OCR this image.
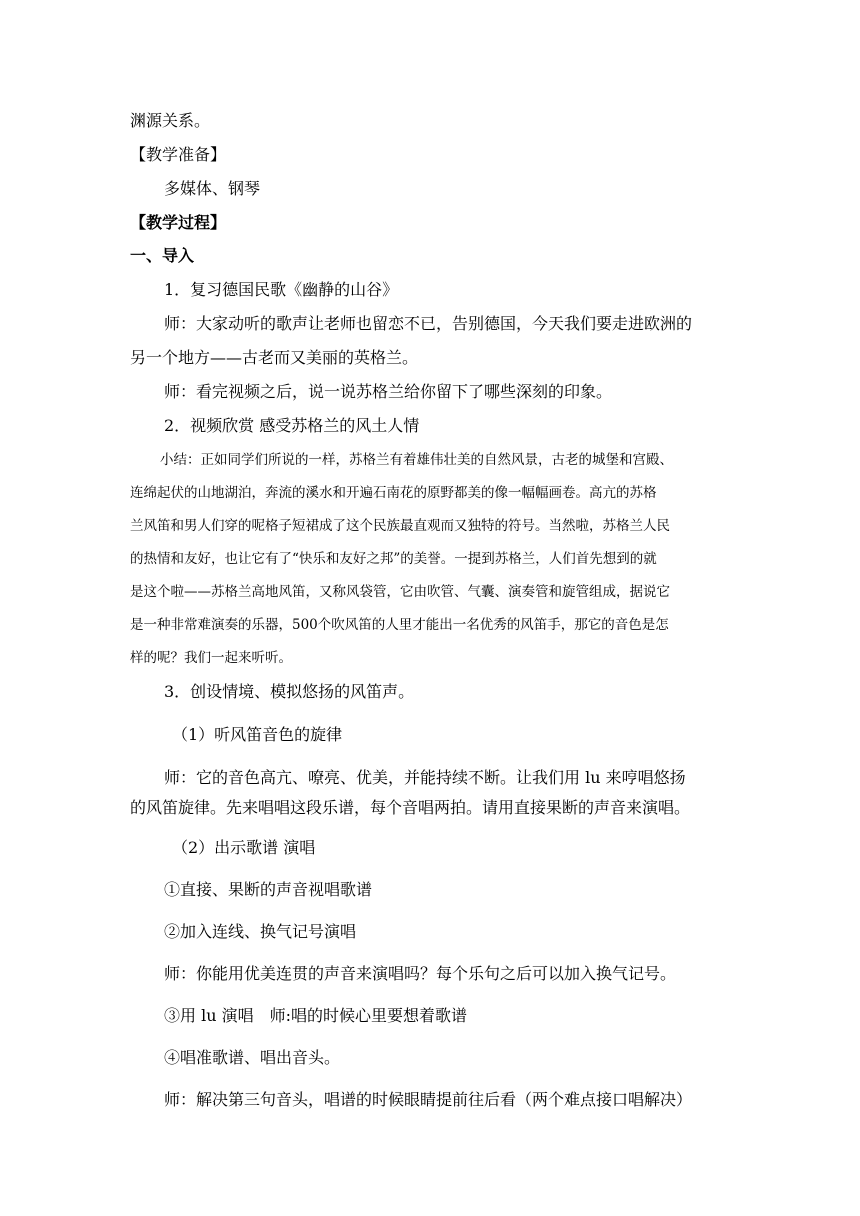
渊源关系。
【教学准备】
多媒体、钢琴
【教学过程】
一、导入
1．复习德国民歌《幽静的山谷》
师：大家动听的歌声让老师也留恋不已，告别德国，今天我们要走进欧洲的
另一个地方——古老而又美丽的英格兰。
师：看完视频之后，说一说苏格兰给你留下了哪些深刻的印象。
2．视频欣赏 感受苏格兰的风土人情
小结：正如同学们所说的一样，苏格兰有着雄伟壮美的自然风景，古老的城堡和宫殿、
连绵起伏的山地湖泊，奔流的溪水和开遍石南花的原野都美的像一幅幅画卷。高亢的苏格
兰风笛和男人们穿的呢格子短裙成了这个民族最直观而又独特的符号。当然啦，苏格兰人民
的热情和友好，也让它有了“快乐和友好之邦”的美誉。一提到苏格兰，人们首先想到的就
是这个啦——苏格兰高地风笛，又称风袋管，它由吹管、气囊、演奏管和旋管组成，据说它
是一种非常难演奏的乐器，500个吹风笛的人里才能出一名优秀的风笛手，那它的音色是怎
样的呢？我们一起来听听。
3．创设情境、模拟悠扬的风笛声。
（1）听风笛音色的旋律
师：它的音色高亢、嘹亮、优美，并能持续不断。让我们用 lu 来哼唱悠扬
的风笛旋律。先来唱唱这段乐谱，每个音唱两拍。请用直接果断的声音来演唱。
（2）出示歌谱 演唱
①直接、果断的声音视唱歌谱
②加入连线、换气记号演唱
师：你能用优美连贯的声音来演唱吗？每个乐句之后可以加入换气记号。
③用 lu 演唱　师:唱的时候心里要想着歌谱
④唱准歌谱、唱出音头。
师：解决第三句音头，唱谱的时候眼睛提前往后看（两个难点接口唱解决）
